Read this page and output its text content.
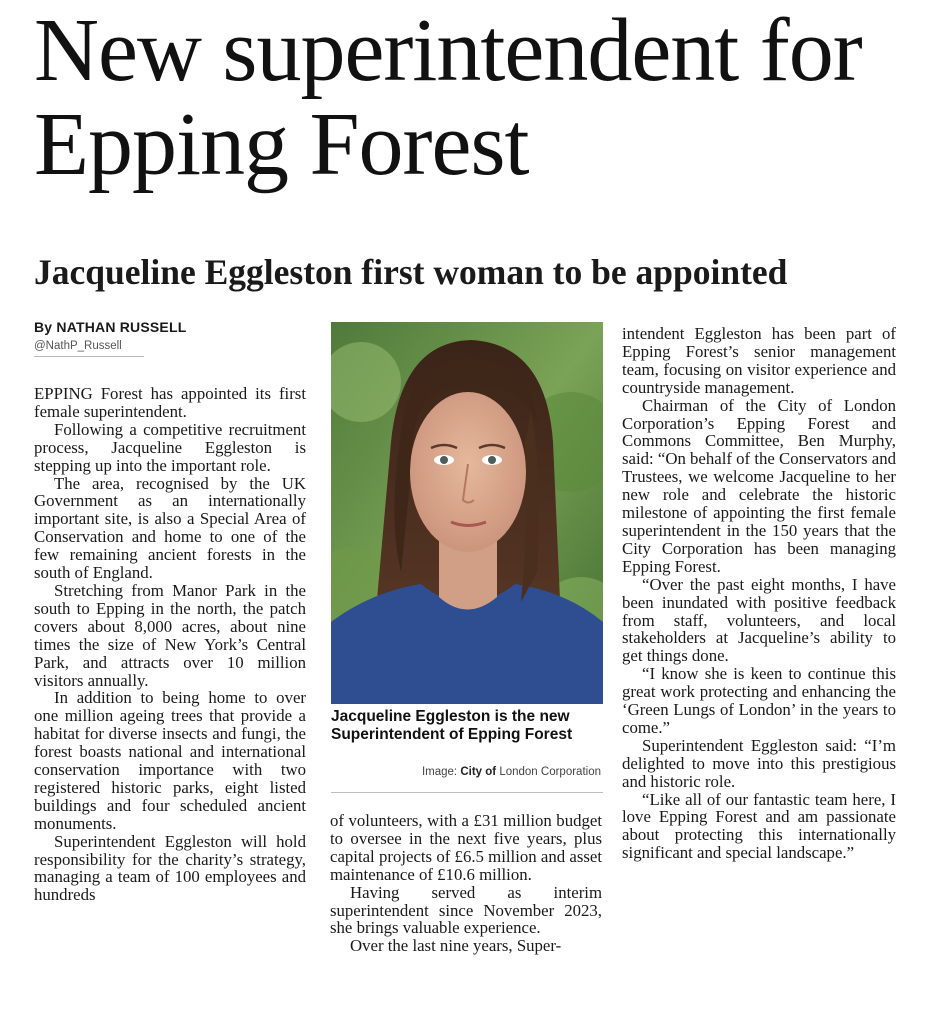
New superintendent for Epping Forest
Jacqueline Eggleston first woman to be appointed
By NATHAN RUSSELL
@NathP_Russell

EPPING Forest has appointed its first female superintendent.

Following a competitive recruitment process, Jacqueline Eggleston is stepping up into the important role.

The area, recognised by the UK Government as an internationally important site, is also a Special Area of Conservation and home to one of the few remaining ancient forests in the south of England.

Stretching from Manor Park in the south to Epping in the north, the patch covers about 8,000 acres, about nine times the size of New York’s Central Park, and attracts over 10 million visitors annually.

In addition to being home to over one million ageing trees that provide a habitat for diverse insects and fungi, the forest boasts national and international conservation importance with two registered historic parks, eight listed buildings and four scheduled ancient monuments.

Superintendent Eggleston will hold responsibility for the charity’s strategy, managing a team of 100 employees and hundreds

Jacqueline Eggleston is the new Superintendent of Epping Forest

Image: City of London Corporation

of volunteers, with a £31 million budget to oversee in the next five years, plus capital projects of £6.5 million and asset maintenance of £10.6 million.

Having served as interim superintendent since November 2023, she brings valuable experience.

Over the last nine years, Super-

intendent Eggleston has been part of Epping Forest’s senior management team, focusing on visitor experience and countryside management.

Chairman of the City of London Corporation’s Epping Forest and Commons Committee, Ben Murphy, said: “On behalf of the Conservators and Trustees, we welcome Jacqueline to her new role and celebrate the historic milestone of appointing the first female superintendent in the 150 years that the City Corporation has been managing Epping Forest.

“Over the past eight months, I have been inundated with positive feedback from staff, volunteers, and local stakeholders at Jacqueline’s ability to get things done.

“I know she is keen to continue this great work protecting and enhancing the ‘Green Lungs of London’ in the years to come.”

Superintendent Eggleston said: “I’m delighted to move into this prestigious and historic role.

“Like all of our fantastic team here, I love Epping Forest and am passionate about protecting this internationally significant and special landscape.”
